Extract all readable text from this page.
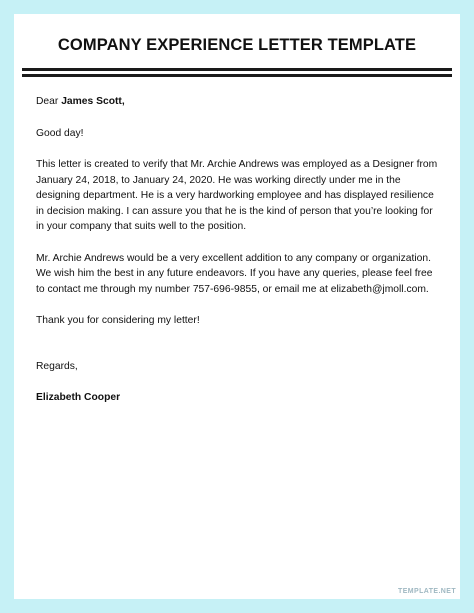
COMPANY EXPERIENCE LETTER TEMPLATE

Dear James Scott,

Good day!

This letter is created to verify that Mr. Archie Andrews was employed as a Designer from January 24, 2018, to January 24, 2020. He was working directly under me in the designing department. He is a very hardworking employee and has displayed resilience in decision making. I can assure you that he is the kind of person that you’re looking for in your company that suits well to the position.

Mr. Archie Andrews would be a very excellent addition to any company or organization. We wish him the best in any future endeavors. If you have any queries, please feel free to contact me through my number 757-696-9855, or email me at elizabeth@jmoll.com.

Thank you for considering my letter!

Regards,

Elizabeth Cooper

TEMPLATE.NET
